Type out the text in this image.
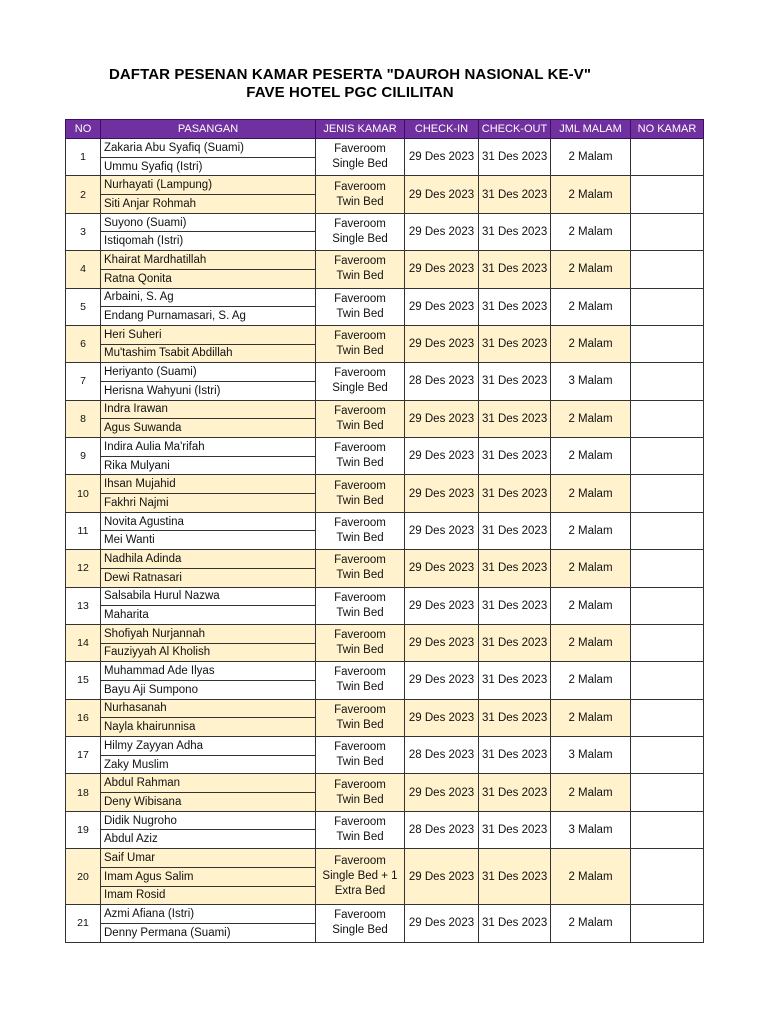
DAFTAR PESENAN KAMAR PESERTA "DAUROH NASIONAL KE-V"
FAVE HOTEL PGC CILILITAN
NO	PASANGAN	JENIS KAMAR	CHECK-IN	CHECK-OUT	JML MALAM	NO KAMAR
1	Zakaria Abu Syafiq (Suami)	Faveroom
Single Bed	29 Des 2023	31 Des 2023	2 Malam	
	Ummu Syafiq (Istri)					
2	Nurhayati (Lampung)	Faveroom
Twin Bed	29 Des 2023	31 Des 2023	2 Malam	
	Siti Anjar Rohmah					
3	Suyono (Suami)	Faveroom
Single Bed	29 Des 2023	31 Des 2023	2 Malam	
	Istiqomah (Istri)					
4	Khairat Mardhatillah	Faveroom
Twin Bed	29 Des 2023	31 Des 2023	2 Malam	
	Ratna Qonita					
5	Arbaini, S. Ag	Faveroom
Twin Bed	29 Des 2023	31 Des 2023	2 Malam	
	Endang Purnamasari, S. Ag					
6	Heri Suheri	Faveroom
Twin Bed	29 Des 2023	31 Des 2023	2 Malam	
	Mu'tashim Tsabit Abdillah					
7	Heriyanto (Suami)	Faveroom
Single Bed	28 Des 2023	31 Des 2023	3 Malam	
	Herisna Wahyuni (Istri)					
8	Indra Irawan	Faveroom
Twin Bed	29 Des 2023	31 Des 2023	2 Malam	
	Agus Suwanda					
9	Indira Aulia Ma'rifah	Faveroom
Twin Bed	29 Des 2023	31 Des 2023	2 Malam	
	Rika Mulyani					
10	Ihsan Mujahid	Faveroom
Twin Bed	29 Des 2023	31 Des 2023	2 Malam	
	Fakhri Najmi					
11	Novita Agustina	Faveroom
Twin Bed	29 Des 2023	31 Des 2023	2 Malam	
	Mei Wanti					
12	Nadhila Adinda	Faveroom
Twin Bed	29 Des 2023	31 Des 2023	2 Malam	
	Dewi Ratnasari					
13	Salsabila Hurul Nazwa	Faveroom
Twin Bed	29 Des 2023	31 Des 2023	2 Malam	
	Maharita					
14	Shofiyah Nurjannah	Faveroom
Twin Bed	29 Des 2023	31 Des 2023	2 Malam	
	Fauziyyah Al Kholish					
15	Muhammad Ade Ilyas	Faveroom
Twin Bed	29 Des 2023	31 Des 2023	2 Malam	
	Bayu Aji Sumpono					
16	Nurhasanah	Faveroom
Twin Bed	29 Des 2023	31 Des 2023	2 Malam	
	Nayla khairunnisa					
17	Hilmy Zayyan Adha	Faveroom
Twin Bed	28 Des 2023	31 Des 2023	3 Malam	
	Zaky Muslim					
18	Abdul Rahman	Faveroom
Twin Bed	29 Des 2023	31 Des 2023	2 Malam	
	Deny Wibisana					
19	Didik Nugroho	Faveroom
Twin Bed	28 Des 2023	31 Des 2023	3 Malam	
	Abdul Aziz					
20	Saif Umar	Faveroom
Single Bed + 1
Extra Bed	29 Des 2023	31 Des 2023	2 Malam	
	Imam Agus Salim					
	Imam Rosid					
21	Azmi Afiana (Istri)	Faveroom
Single Bed	29 Des 2023	31 Des 2023	2 Malam	
	Denny Permana (Suami)					
